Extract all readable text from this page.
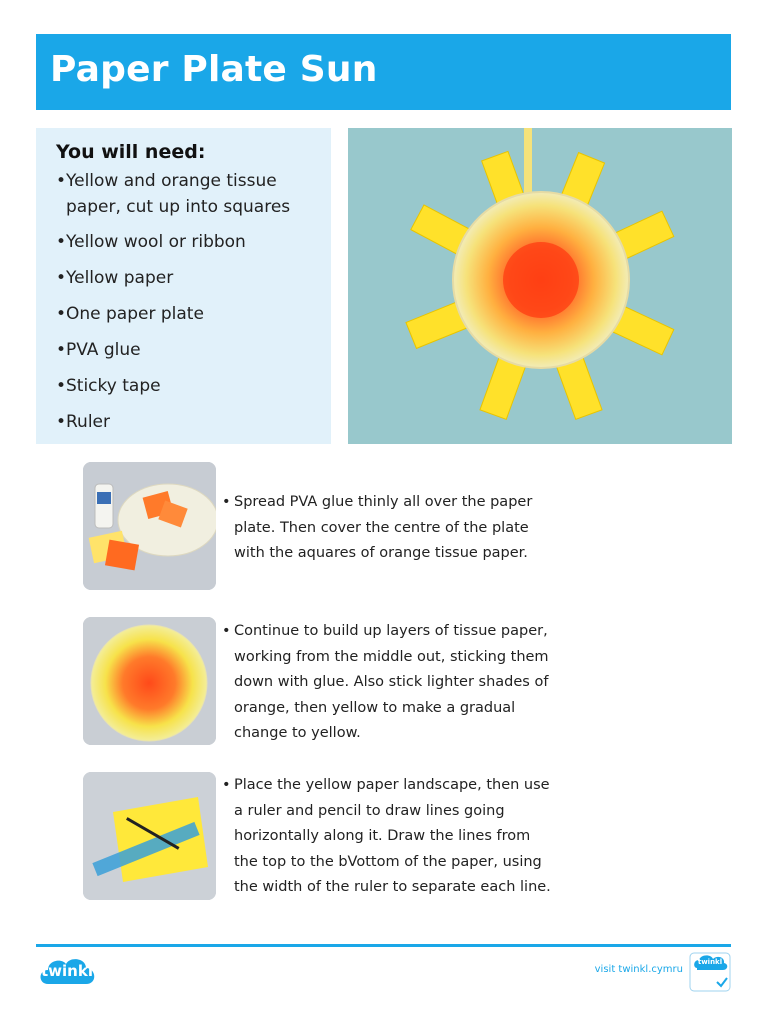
Paper Plate Sun
You will need:
•Yellow and orange tissue paper, cut up into squares
•Yellow wool or ribbon
•Yellow paper
•One paper plate
•PVA glue
•Sticky tape
•Ruler
• Spread PVA glue thinly all over the paper plate. Then cover the centre of the plate with the aquares of orange tissue paper.
• Continue to build up layers of tissue paper, working from the middle out, sticking them down with glue. Also stick lighter shades of orange, then yellow to make a gradual change to yellow.
• Place the yellow paper landscape, then use a ruler and pencil to draw lines going horizontally along it. Draw the lines from the top to the bVottom of the paper, using the width of the ruler to separate each line.
twinkl	visit twinkl.cymru
twinkl
